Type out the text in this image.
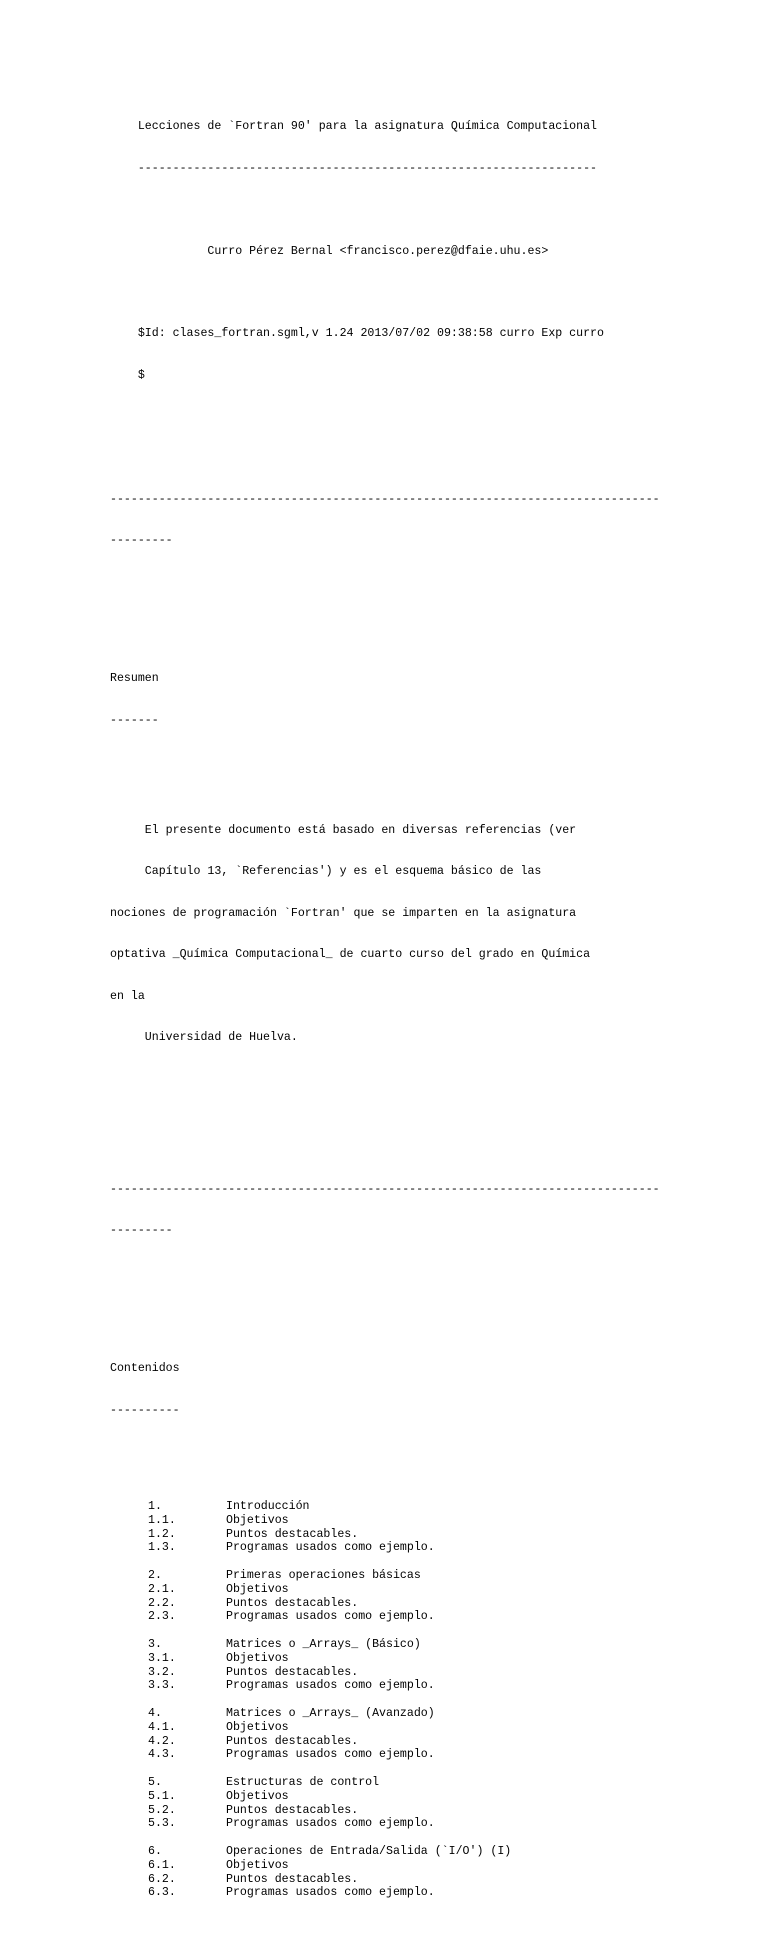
Lecciones de `Fortran 90' para la asignatura Química Computacional

------------------------------------------------------------------

Curro Pérez Bernal <francisco.perez@dfaie.uhu.es>

$Id: clases_fortran.sgml,v 1.24 2013/07/02 09:38:58 curro Exp curro

$

-------------------------------------------------------------------------------

---------

Resumen

-------

El presente documento está basado en diversas referencias (ver

Capítulo 13, `Referencias') y es el esquema básico de las

nociones de programación `Fortran' que se imparten en la asignatura

optativa _Química Computacional_ de cuarto curso del grado en Química

en la

Universidad de Huelva.

-------------------------------------------------------------------------------

---------

Contenidos

----------

1.	Introducción
1.1.	Objetivos
1.2.	Puntos destacables.
1.3.	Programas usados como ejemplo.
2.	Primeras operaciones básicas
2.1.	Objetivos
2.2.	Puntos destacables.
2.3.	Programas usados como ejemplo.
3.	Matrices o _Arrays_ (Básico)
3.1.	Objetivos
3.2.	Puntos destacables.
3.3.	Programas usados como ejemplo.
4.	Matrices o _Arrays_ (Avanzado)
4.1.	Objetivos
4.2.	Puntos destacables.
4.3.	Programas usados como ejemplo.
5.	Estructuras de control
5.1.	Objetivos
5.2.	Puntos destacables.
5.3.	Programas usados como ejemplo.
6.	Operaciones de Entrada/Salida (`I/O') (I)
6.1.	Objetivos
6.2.	Puntos destacables.
6.3.	Programas usados como ejemplo.
